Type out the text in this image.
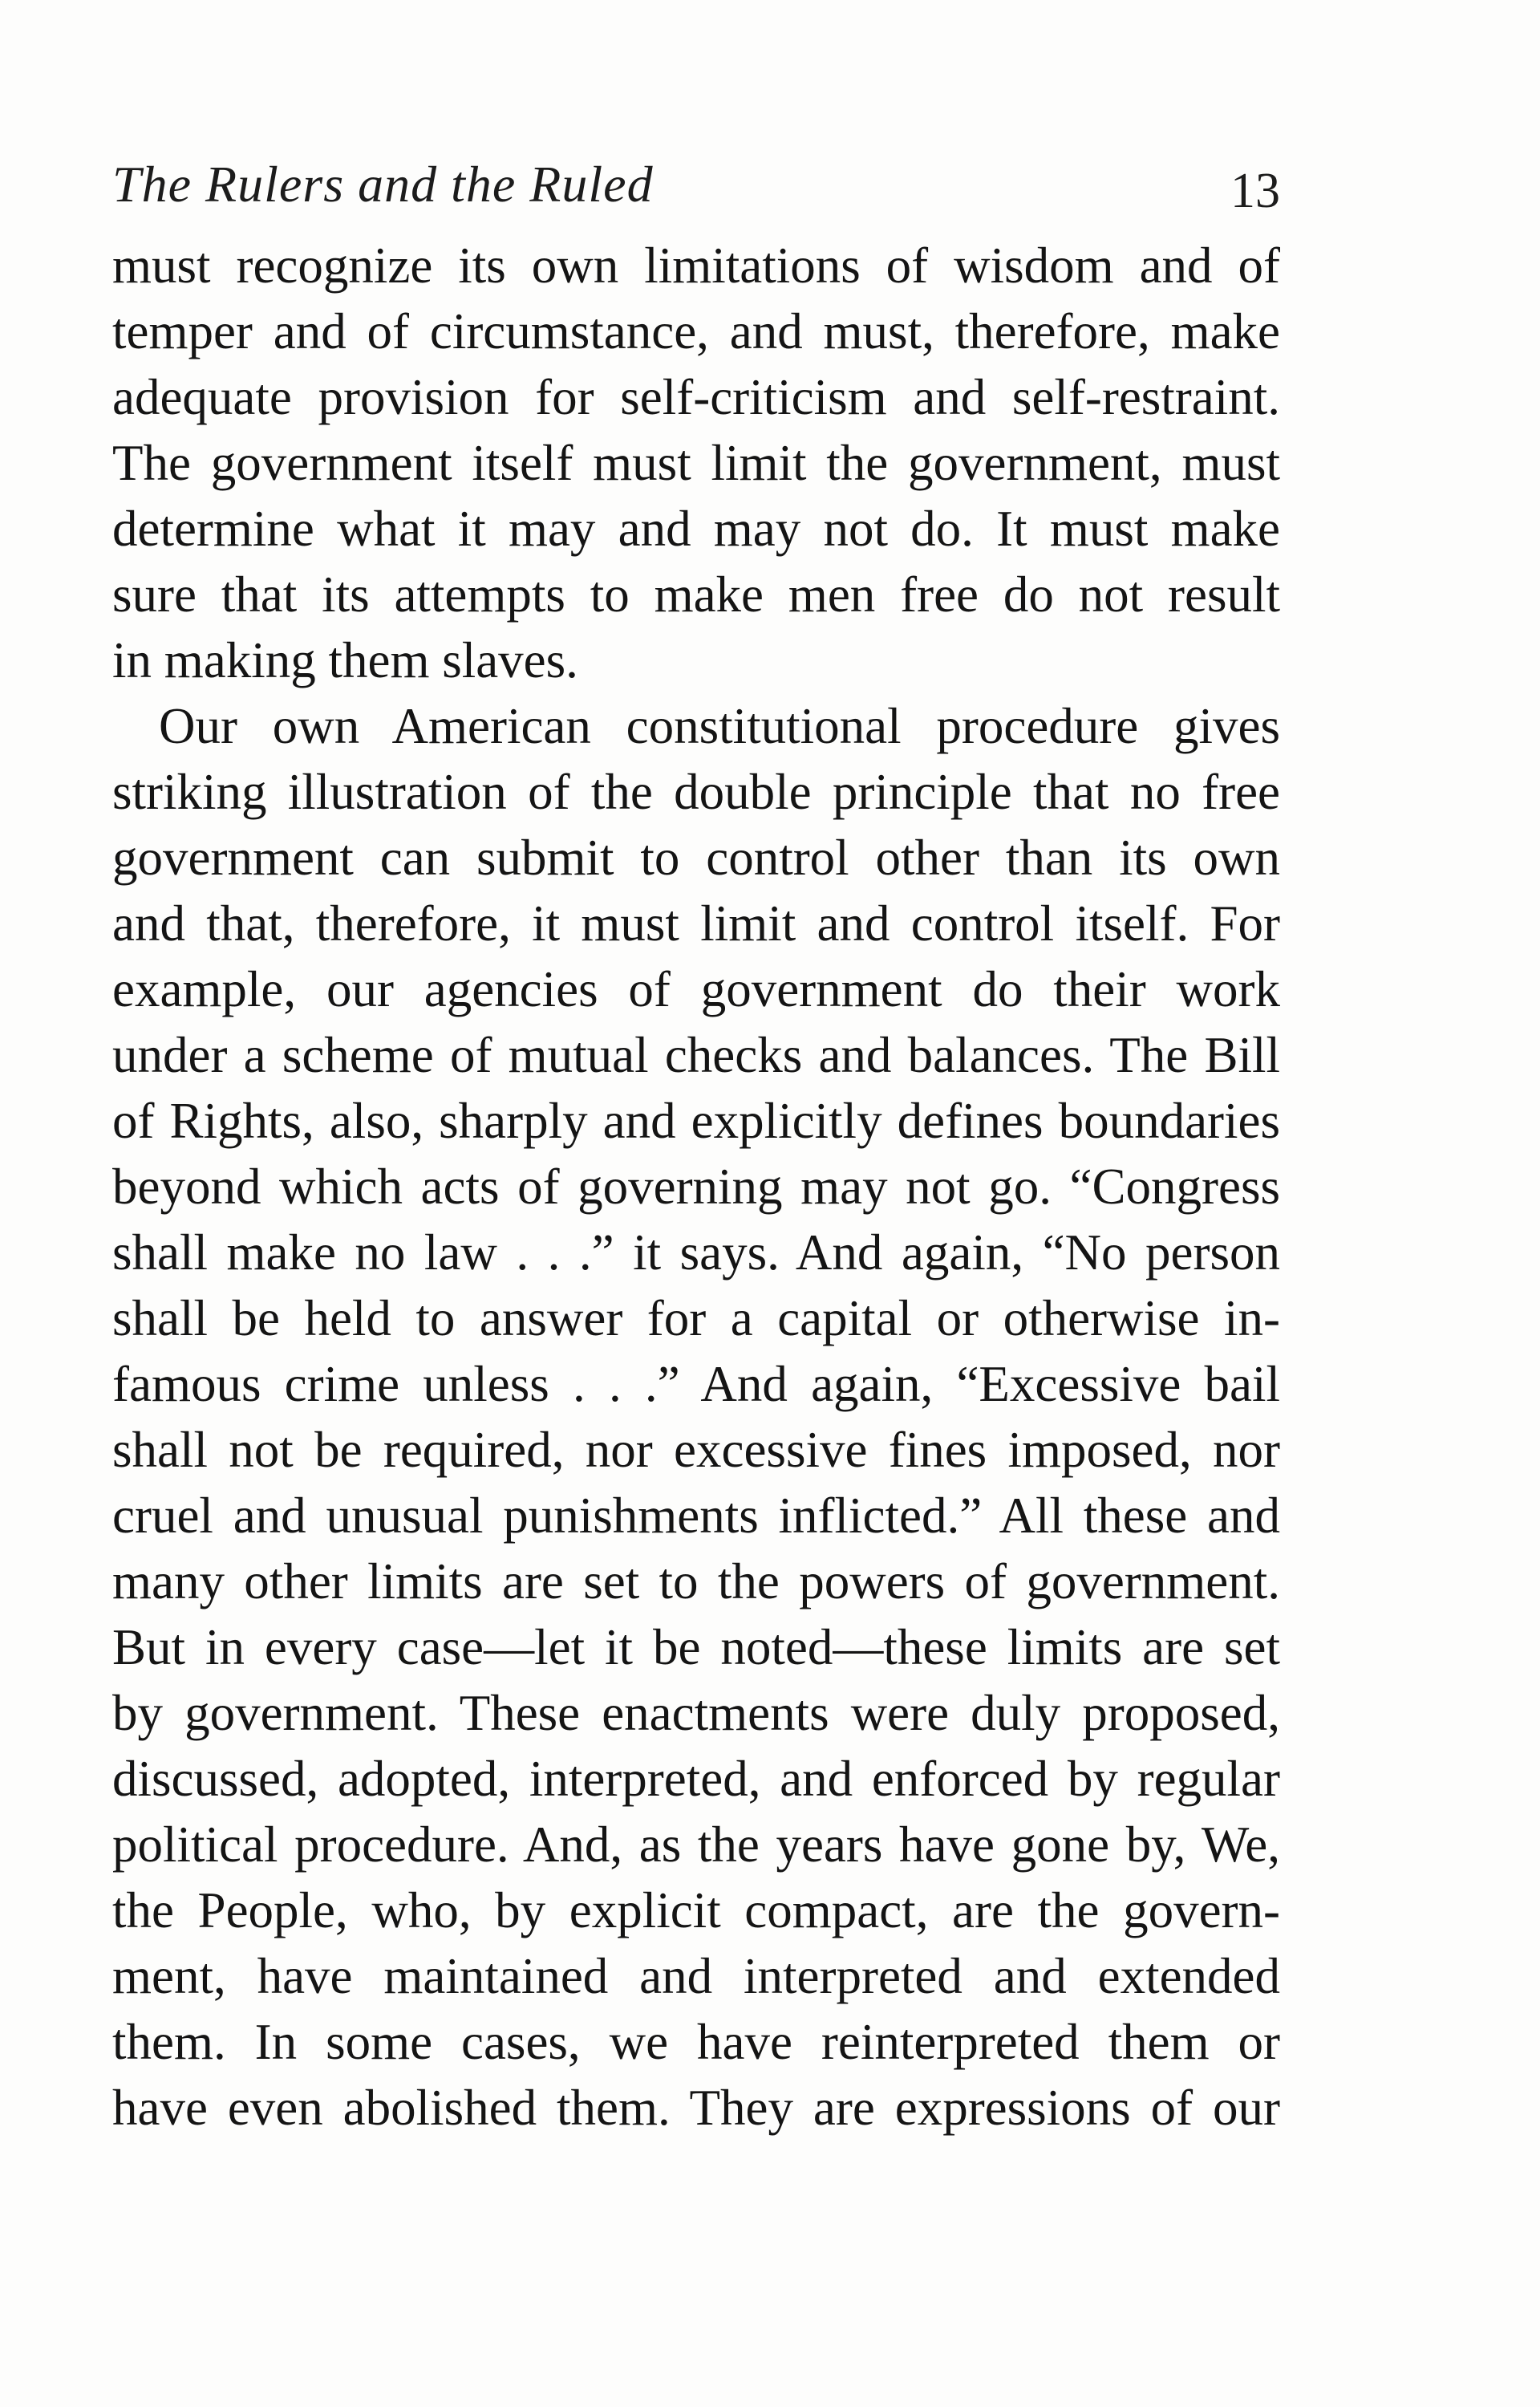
The Rulers and the Ruled	13
must recognize its own limitations of wisdom and of
temper and of circumstance, and must, therefore, make
adequate provision for self-criticism and self-restraint.
The government itself must limit the government, must
determine what it may and may not do. It must make
sure that its attempts to make men free do not result
in making them slaves.
Our own American constitutional procedure gives
striking illustration of the double principle that no free
government can submit to control other than its own
and that, therefore, it must limit and control itself. For
example, our agencies of government do their work
under a scheme of mutual checks and balances. The Bill
of Rights, also, sharply and explicitly defines boundaries
beyond which acts of governing may not go. “Congress
shall make no law . . .” it says. And again, “No person
shall be held to answer for a capital or otherwise in-
famous crime unless . . .” And again, “Excessive bail
shall not be required, nor excessive fines imposed, nor
cruel and unusual punishments inflicted.” All these and
many other limits are set to the powers of government.
But in every case—let it be noted—these limits are set
by government. These enactments were duly proposed,
discussed, adopted, interpreted, and enforced by regular
political procedure. And, as the years have gone by, We,
the People, who, by explicit compact, are the govern-
ment, have maintained and interpreted and extended
them. In some cases, we have reinterpreted them or
have even abolished them. They are expressions of our
